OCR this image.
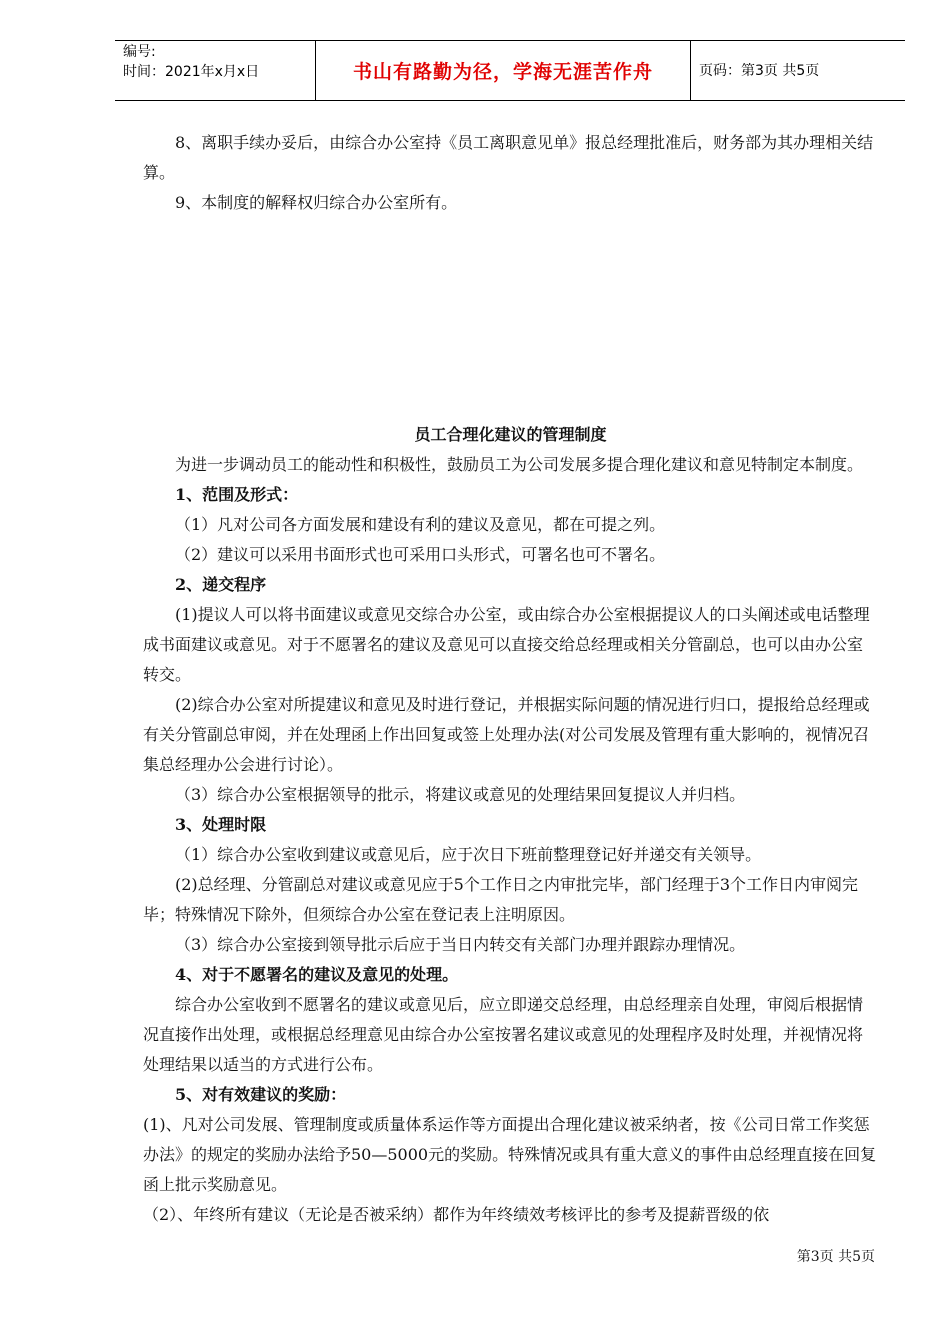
编号:
时间：2021年x月x日	书山有路勤为径，学海无涯苦作舟	页码：第3页 共5页

8、离职手续办妥后，由综合办公室持《员工离职意见单》报总经理批准后，财务部为其办理相关结算。

9、本制度的解释权归综合办公室所有。

员工合理化建议的管理制度

为进一步调动员工的能动性和积极性，鼓励员工为公司发展多提合理化建议和意见特制定本制度。

1、范围及形式：

（1）凡对公司各方面发展和建设有利的建议及意见，都在可提之列。

（2）建议可以采用书面形式也可采用口头形式，可署名也可不署名。

2、递交程序

(1)提议人可以将书面建议或意见交综合办公室，或由综合办公室根据提议人的口头阐述或电话整理成书面建议或意见。对于不愿署名的建议及意见可以直接交给总经理或相关分管副总，也可以由办公室转交。

(2)综合办公室对所提建议和意见及时进行登记，并根据实际问题的情况进行归口，提报给总经理或有关分管副总审阅，并在处理函上作出回复或签上处理办法(对公司发展及管理有重大影响的，视情况召集总经理办公会进行讨论）。

（3）综合办公室根据领导的批示，将建议或意见的处理结果回复提议人并归档。

3、处理时限

（1）综合办公室收到建议或意见后，应于次日下班前整理登记好并递交有关领导。

(2)总经理、分管副总对建议或意见应于5个工作日之内审批完毕，部门经理于3个工作日内审阅完毕；特殊情况下除外，但须综合办公室在登记表上注明原因。

（3）综合办公室接到领导批示后应于当日内转交有关部门办理并跟踪办理情况。

4、对于不愿署名的建议及意见的处理。

综合办公室收到不愿署名的建议或意见后，应立即递交总经理，由总经理亲自处理，审阅后根据情况直接作出处理，或根据总经理意见由综合办公室按署名建议或意见的处理程序及时处理，并视情况将处理结果以适当的方式进行公布。

5、对有效建议的奖励：

(1)、凡对公司发展、管理制度或质量体系运作等方面提出合理化建议被采纳者，按《公司日常工作奖惩办法》的规定的奖励办法给予50—5000元的奖励。特殊情况或具有重大意义的事件由总经理直接在回复函上批示奖励意见。

（2）、年终所有建议（无论是否被采纳）都作为年终绩效考核评比的参考及提薪晋级的依

第3页 共5页
